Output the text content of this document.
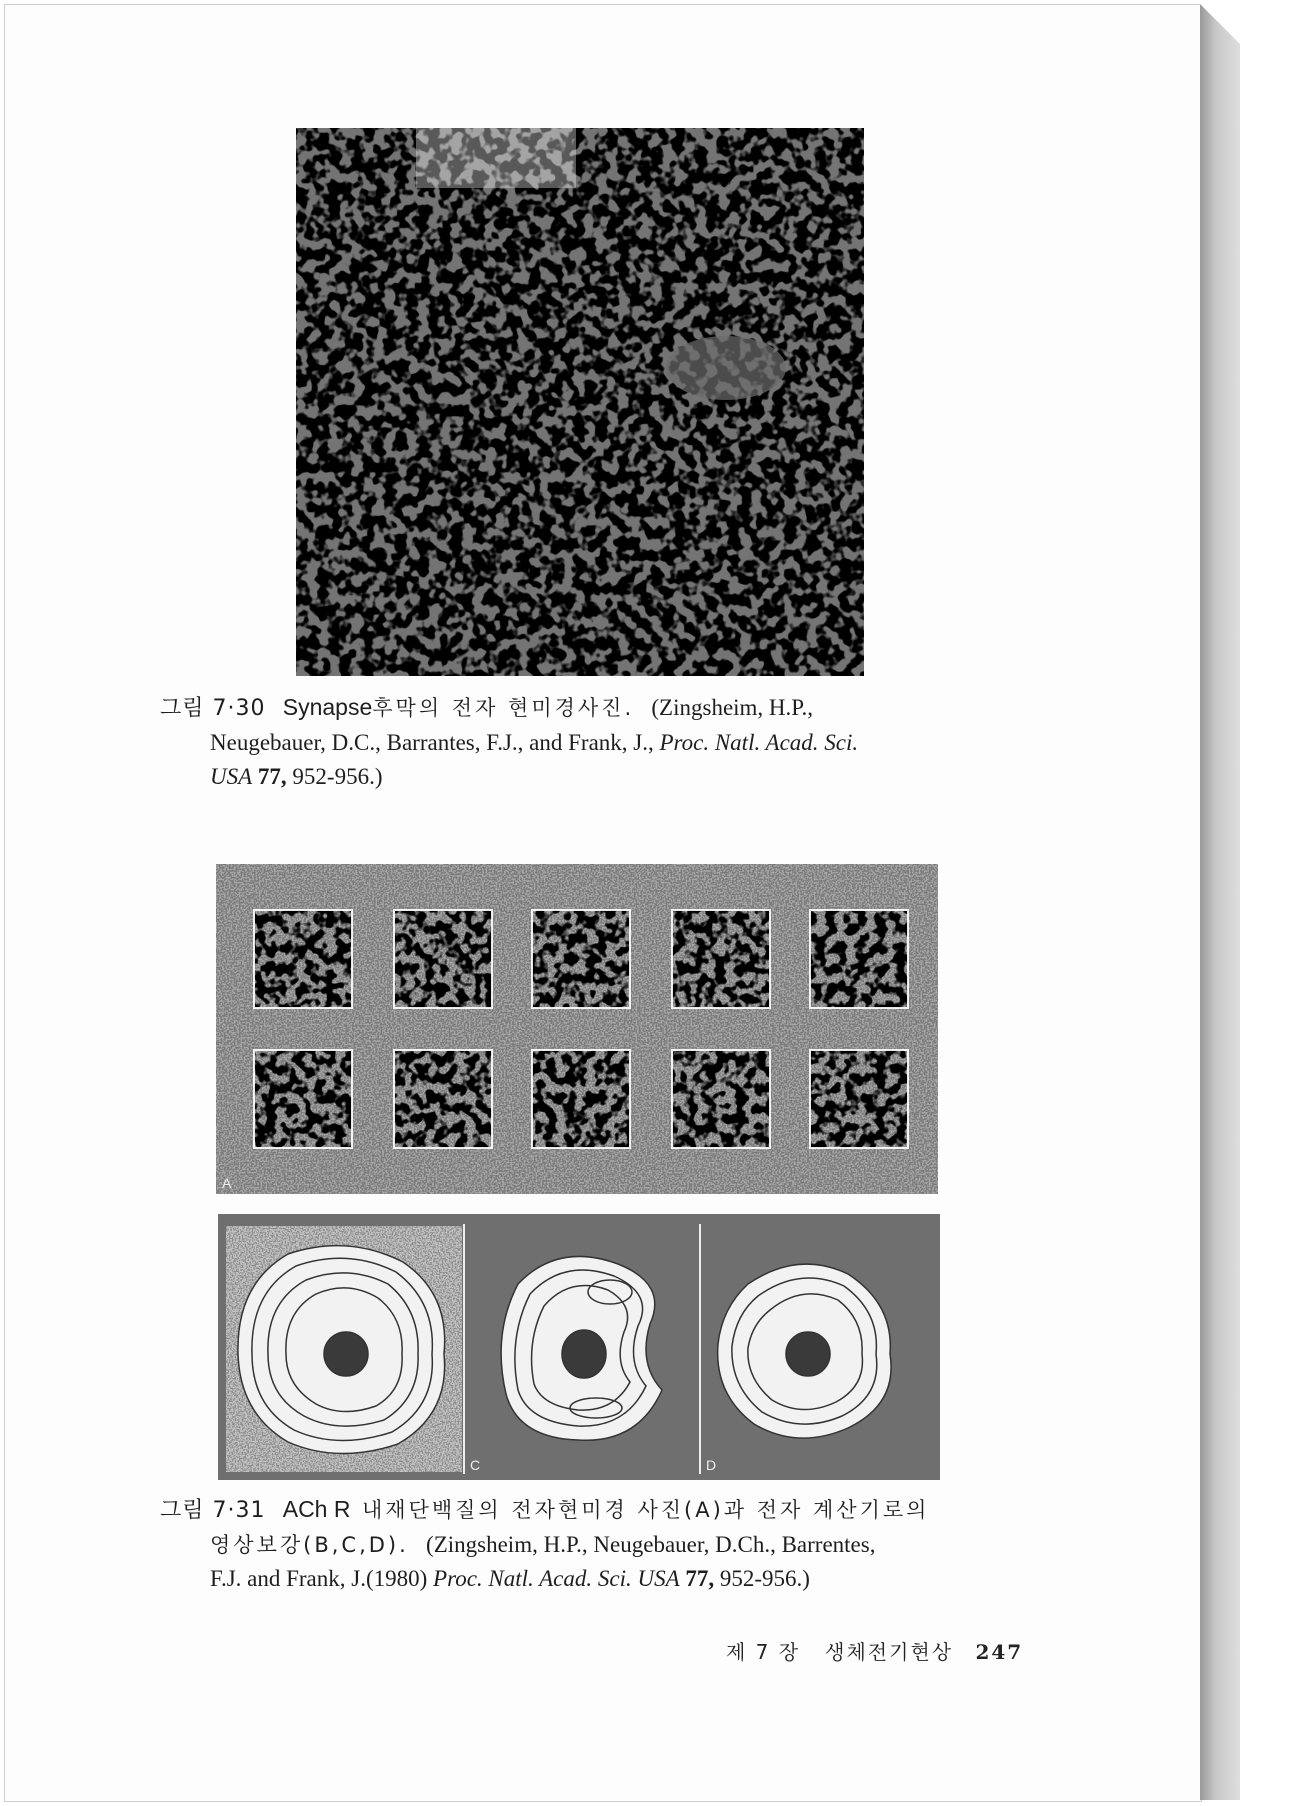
그림 7·30 Synapse후막의 전자 현미경사진. (Zingsheim, H.P.,
Neugebauer, D.C., Barrantes, F.J., and Frank, J., Proc. Natl. Acad. Sci.
USA 77, 952-956.)
A
C	D
그림 7·31 ACh R 내재단백질의 전자현미경 사진(A)과 전자 계산기로의
영상보강(B,C,D). (Zingsheim, H.P., Neugebauer, D.Ch., Barrentes,
F.J. and Frank, J.(1980) Proc. Natl. Acad. Sci. USA 77, 952-956.)
제 7 장 생체전기현상 247
